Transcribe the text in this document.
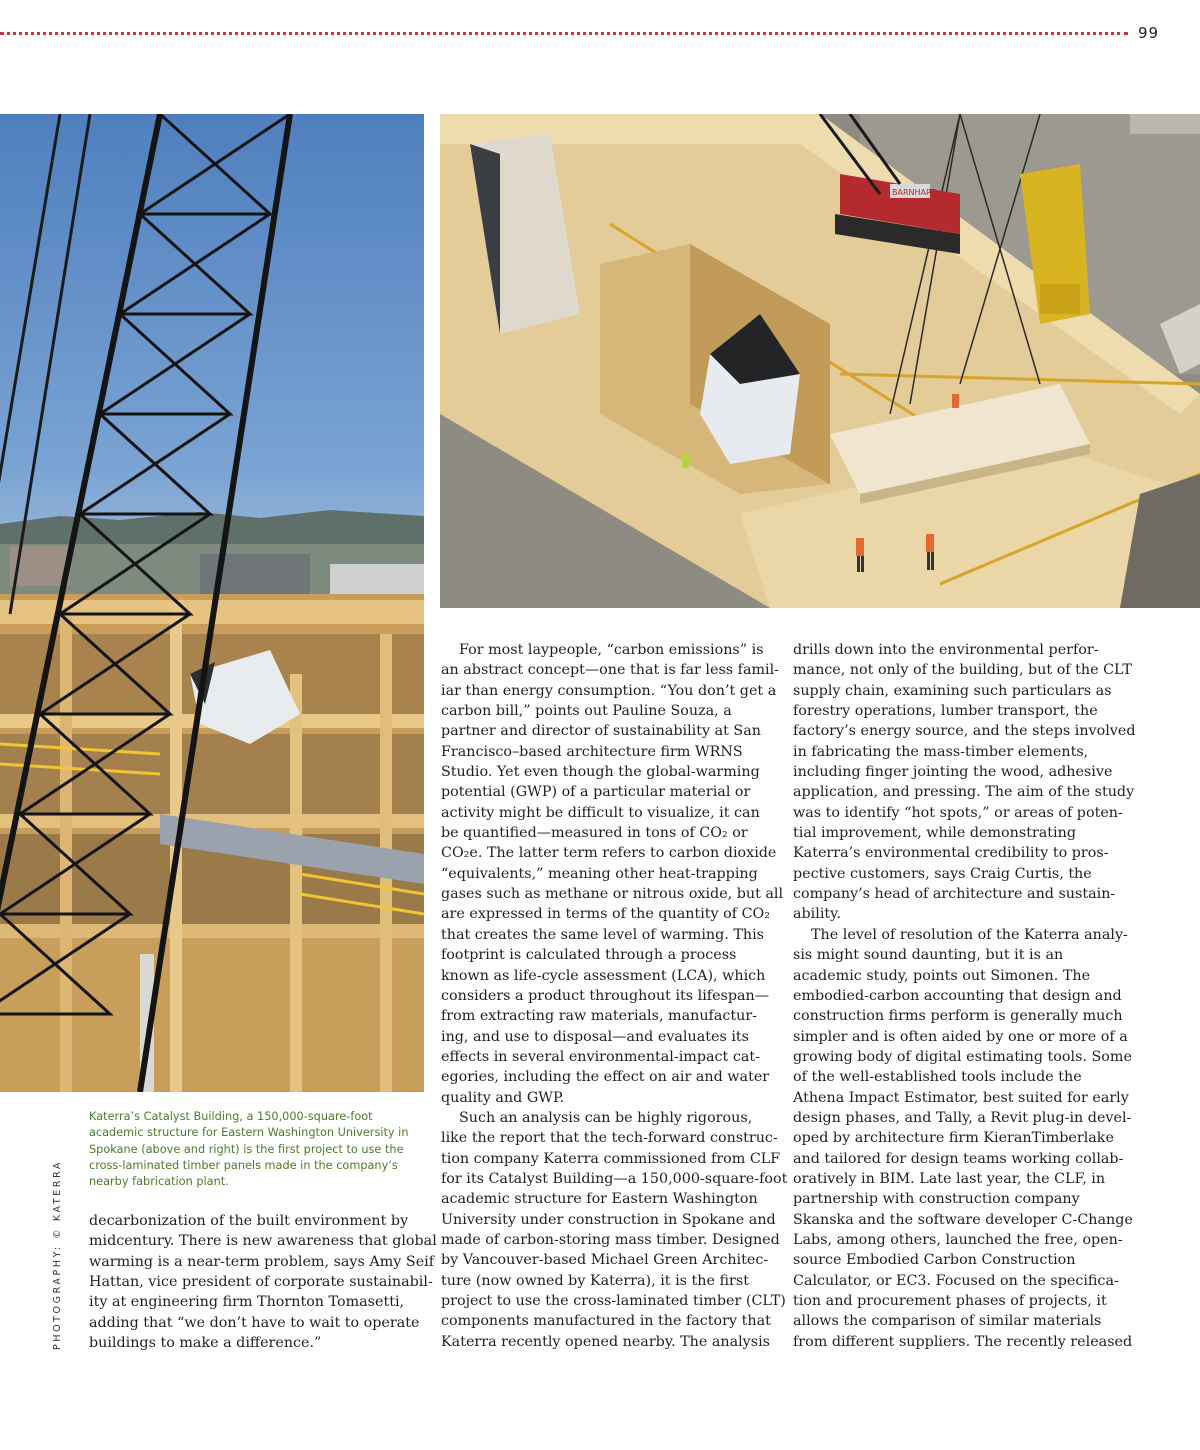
99
BARNHART

Katerra’s Catalyst Building, a 150,000-square-foot academic structure for Eastern Washington University in Spokane (above and right) is the first project to use the cross-laminated timber panels made in the company’s nearby fabrication plant.

PHOTOGRAPHY: © KATERRA decarbonization of the built environment by
midcentury. There is new awareness that global
warming is a near-term problem, says Amy Seif
Hattan, vice president of corporate sustainabil-
ity at engineering firm Thornton Tomasetti,
adding that “we don’t have to wait to operate
buildings to make a difference.”
For most laypeople, “carbon emissions” is
an abstract concept—one that is far less famil-
iar than energy consumption. “You don’t get a
carbon bill,” points out Pauline Souza, a
partner and director of sustainability at San
Francisco–based architecture firm WRNS
Studio. Yet even though the global-warming
potential (GWP) of a particular material or
activity might be difficult to visualize, it can
be quantified—measured in tons of CO₂ or
CO₂e. The latter term refers to carbon dioxide
“equivalents,” meaning other heat-trapping
gases such as methane or nitrous oxide, but all
are expressed in terms of the quantity of CO₂
that creates the same level of warming. This
footprint is calculated through a process
known as life-cycle assessment (LCA), which
considers a product throughout its lifespan—
from extracting raw materials, manufactur-
ing, and use to disposal—and evaluates its
effects in several environmental-impact cat-
egories, including the effect on air and water
quality and GWP.
Such an analysis can be highly rigorous,
like the report that the tech-forward construc-
tion company Katerra commissioned from CLF
for its Catalyst Building—a 150,000-square-foot
academic structure for Eastern Washington
University under construction in Spokane and
made of carbon-storing mass timber. Designed
by Vancouver-based Michael Green Architec-
ture (now owned by Katerra), it is the first
project to use the cross-laminated timber (CLT)
components manufactured in the factory that
Katerra recently opened nearby. The analysis
drills down into the environmental perfor-
mance, not only of the building, but of the CLT
supply chain, examining such particulars as
forestry operations, lumber transport, the
factory’s energy source, and the steps involved
in fabricating the mass-timber elements,
including finger jointing the wood, adhesive
application, and pressing. The aim of the study
was to identify “hot spots,” or areas of poten-
tial improvement, while demonstrating
Katerra’s environmental credibility to pros-
pective customers, says Craig Curtis, the
company’s head of architecture and sustain-
ability.
The level of resolution of the Katerra analy-
sis might sound daunting, but it is an
academic study, points out Simonen. The
embodied-carbon accounting that design and
construction firms perform is generally much
simpler and is often aided by one or more of a
growing body of digital estimating tools. Some
of the well-established tools include the
Athena Impact Estimator, best suited for early
design phases, and Tally, a Revit plug-in devel-
oped by architecture firm KieranTimberlake
and tailored for design teams working collab-
oratively in BIM. Late last year, the CLF, in
partnership with construction company
Skanska and the software developer C-Change
Labs, among others, launched the free, open-
source Embodied Carbon Construction
Calculator, or EC3. Focused on the specifica-
tion and procurement phases of projects, it
allows the comparison of similar materials
from different suppliers. The recently released
